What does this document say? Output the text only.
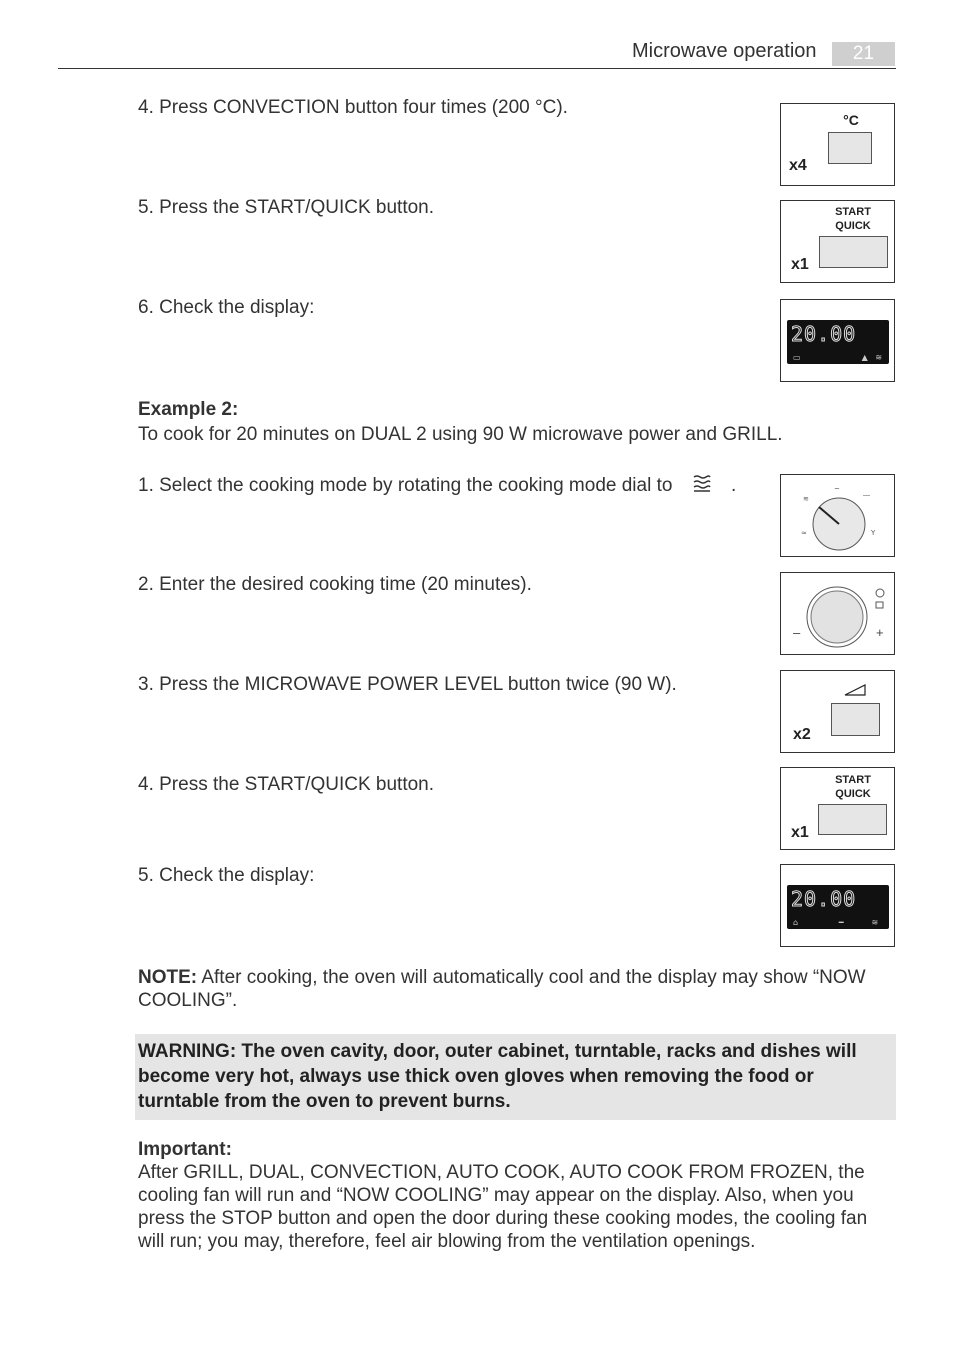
Microwave operation	21
4. Press CONVECTION button four times (200 °C).
5. Press the START/QUICK button.
6. Check the display:
°C
x4
START
QUICK
x1
20.00
▭                        ▲   ≋
Example 2:
To cook for 20 minutes on DUAL 2 using 90 W microwave power and GRILL.
1. Select the cooking mode by rotating the cooking mode dial to	.
≋
~
⎺
≈	Y
2. Enter the desired cooking time (20 minutes).
–	+
3. Press the MICROWAVE POWER LEVEL button twice (90 W).
x2
4. Press the START/QUICK button.	START
QUICK
x1
5. Check the display:
20.00
⌂                ━           ≋
NOTE: After cooking, the oven will automatically cool and the display may show “NOW COOLING”.
WARNING: The oven cavity, door, outer cabinet, turntable, racks and dishes will become very hot, always use thick oven gloves when removing the food or turntable from the oven to prevent burns.
Important:
After GRILL, DUAL, CONVECTION, AUTO COOK, AUTO COOK FROM FROZEN, the cooling fan will run and “NOW COOLING” may appear on the display. Also, when you press the STOP button and open the door during these cooking modes, the cooling fan will run; you may, therefore, feel air blowing from the ventilation openings.
